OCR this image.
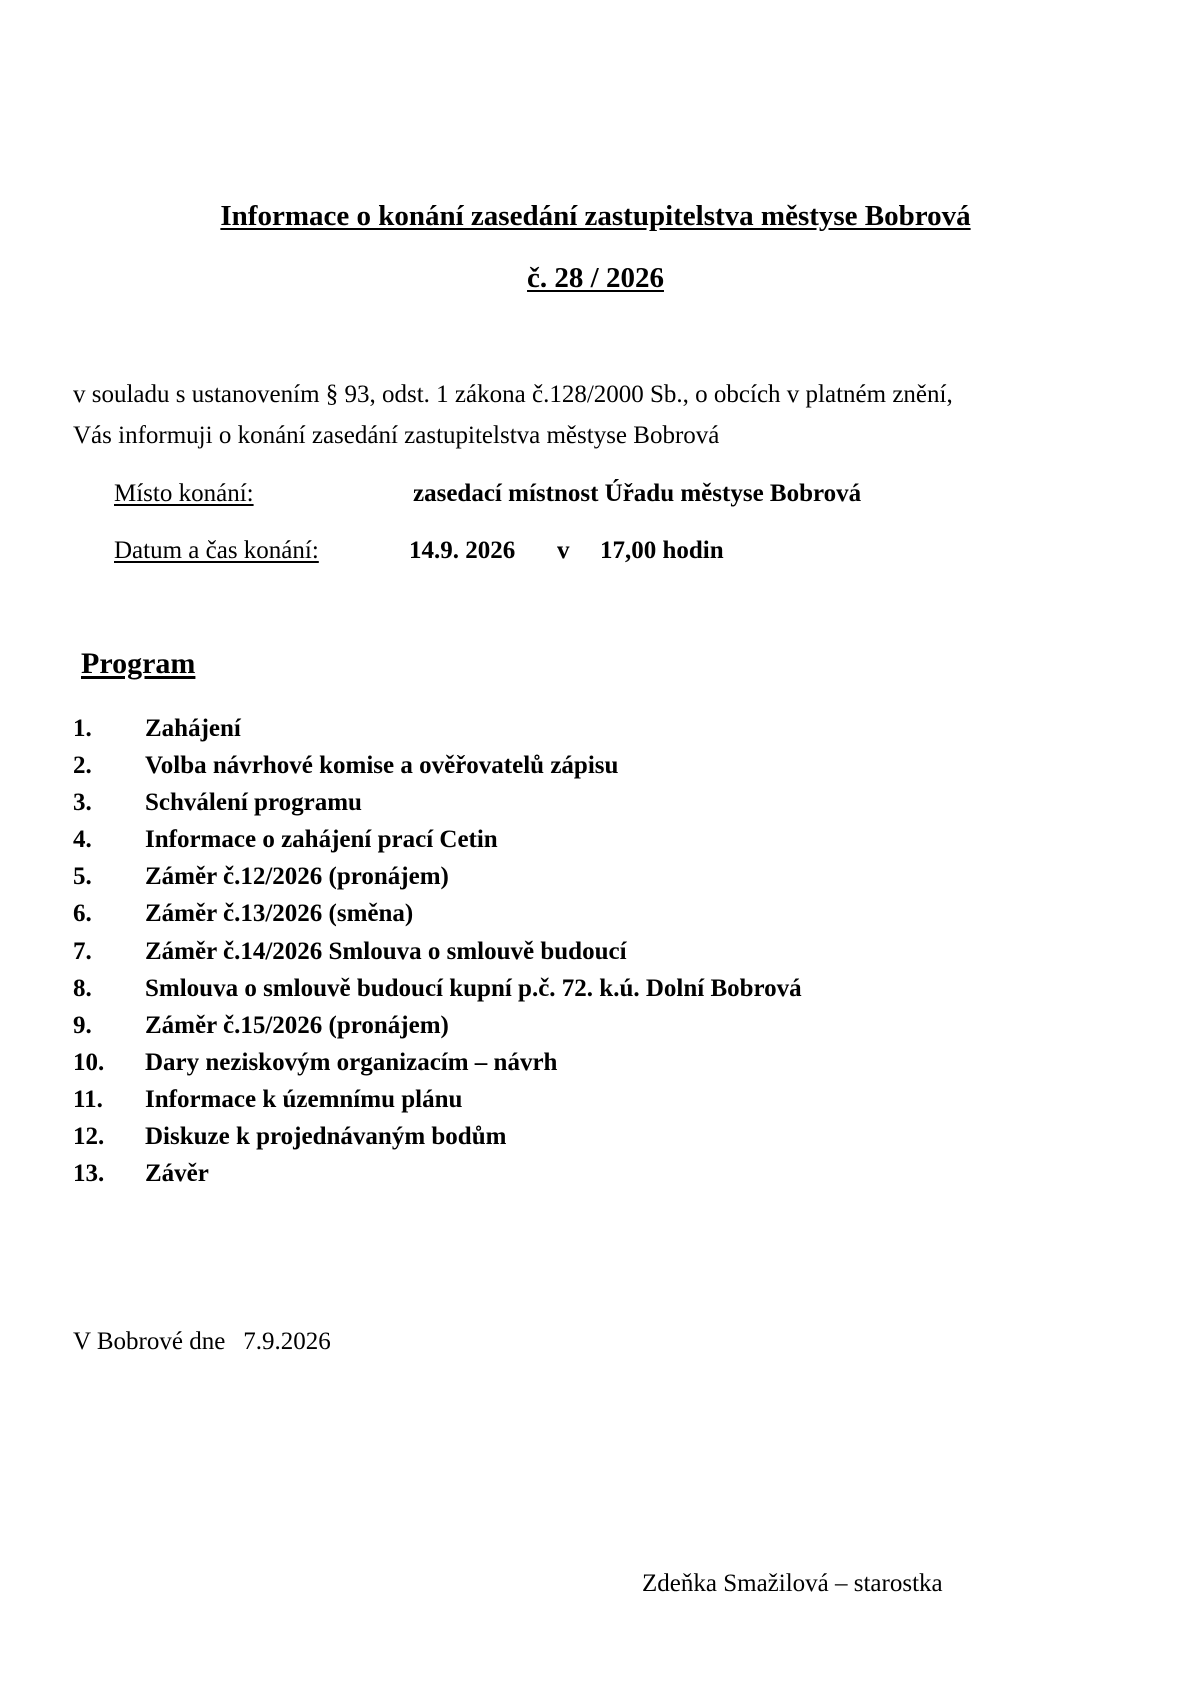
Informace o konání zasedání zastupitelstva městyse Bobrová
č. 28 / 2026
v souladu s ustanovením § 93, odst. 1 zákona č.128/2000 Sb., o obcích v platném znění,
Vás informuji o konání zasedání zastupitelstva městyse Bobrová
Místo konání:	zasedací místnost Úřadu městyse Bobrová
Datum a čas konání:	14.9. 2026 v 17,00 hodin
Program
1.	Zahájení
2.	Volba návrhové komise a ověřovatelů zápisu
3.	Schválení programu
4.	Informace o zahájení prací Cetin
5.	Záměr č.12/2026 (pronájem)
6.	Záměr č.13/2026 (směna)
7.	Záměr č.14/2026 Smlouva o smlouvě budoucí
8.	Smlouva o smlouvě budoucí kupní p.č. 72. k.ú. Dolní Bobrová
9.	Záměr č.15/2026 (pronájem)
10.	Dary neziskovým organizacím – návrh
11.	Informace k územnímu plánu
12.	Diskuze k projednávaným bodům
13.	Závěr
V Bobrové dne 7.9.2026
Zdeňka Smažilová – starostka
